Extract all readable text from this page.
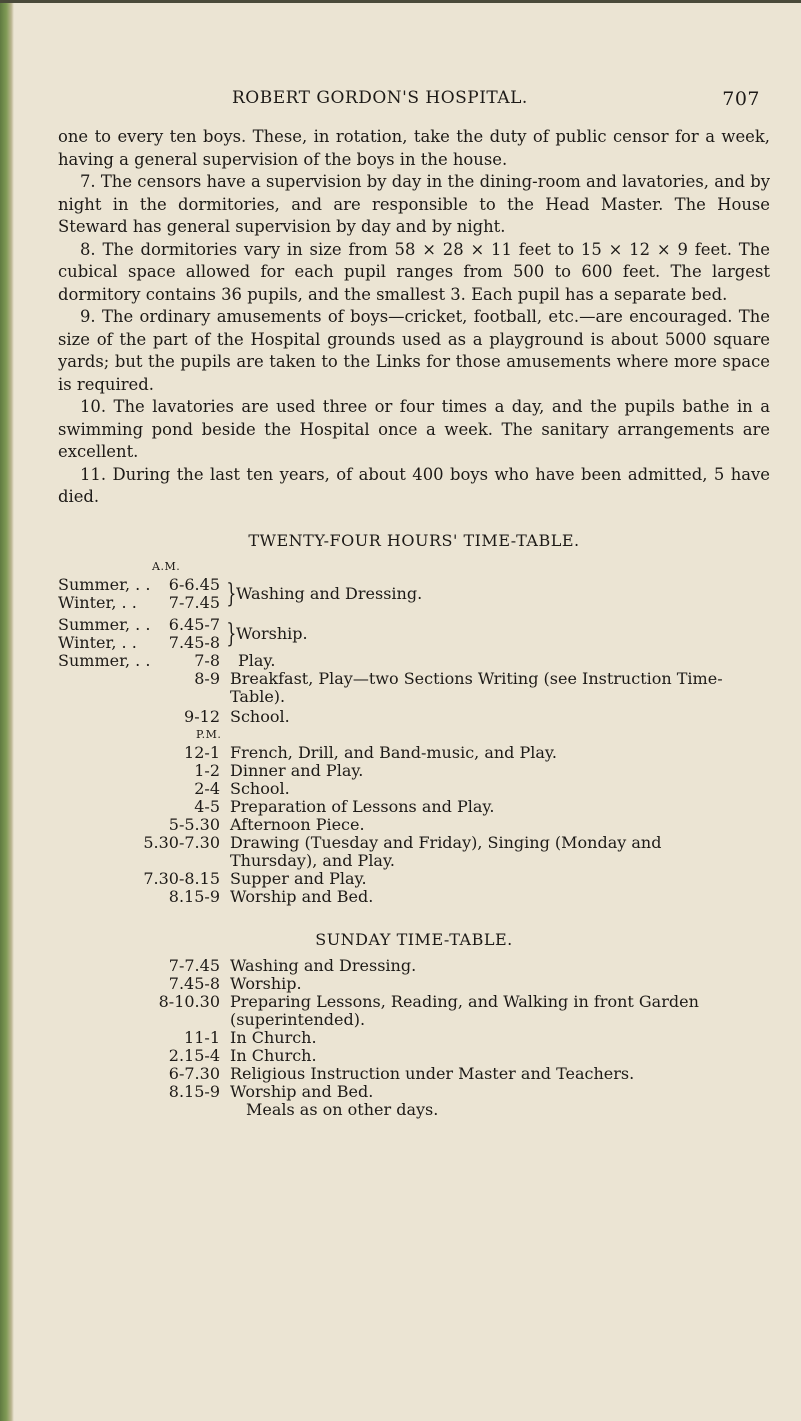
ROBERT GORDON'S HOSPITAL.	707

one to every ten boys. These, in rotation, take the duty of public censor for a week, having a general supervision of the boys in the house.

7. The censors have a supervision by day in the dining-room and lavatories, and by night in the dormitories, and are responsible to the Head Master. The House Steward has general supervision by day and by night.

8. The dormitories vary in size from 58 × 28 × 11 feet to 15 × 12 × 9 feet. The cubical space allowed for each pupil ranges from 500 to 600 feet. The largest dormitory contains 36 pupils, and the smallest 3. Each pupil has a separate bed.

9. The ordinary amusements of boys—cricket, football, etc.—are encouraged. The size of the part of the Hospital grounds used as a playground is about 5000 square yards; but the pupils are taken to the Links for those amusements where more space is required.

10. The lavatories are used three or four times a day, and the pupils bathe in a swimming pond beside the Hospital once a week. The sanitary arrangements are excellent.

11. During the last ten years, of about 400 boys who have been admitted, 5 have died.

TWENTY-FOUR HOURS' TIME-TABLE.
A.M.
Summer, . .	6-6.45
Winter, . .	7-7.45 } Washing and Dressing.
Summer, . .	6.45-7
Winter, . .	7.45-8 } Worship.
Summer, . .	7-8	Play.
8-9 Breakfast, Play—two Sections Writing (see Instruction Time-Table).
9-12 School.
P.M.
12-1 French, Drill, and Band-music, and Play.
1-2 Dinner and Play.
2-4 School.
4-5 Preparation of Lessons and Play.
5-5.30 Afternoon Piece.
5.30-7.30 Drawing (Tuesday and Friday), Singing (Monday and Thursday), and Play.
7.30-8.15 Supper and Play.
8.15-9 Worship and Bed.
SUNDAY TIME-TABLE.
7-7.45 Washing and Dressing.
7.45-8 Worship.
8-10.30 Preparing Lessons, Reading, and Walking in front Garden (superintended).
11-1 In Church.
2.15-4 In Church.
6-7.30 Religious Instruction under Master and Teachers.
8.15-9 Worship and Bed.
Meals as on other days.
